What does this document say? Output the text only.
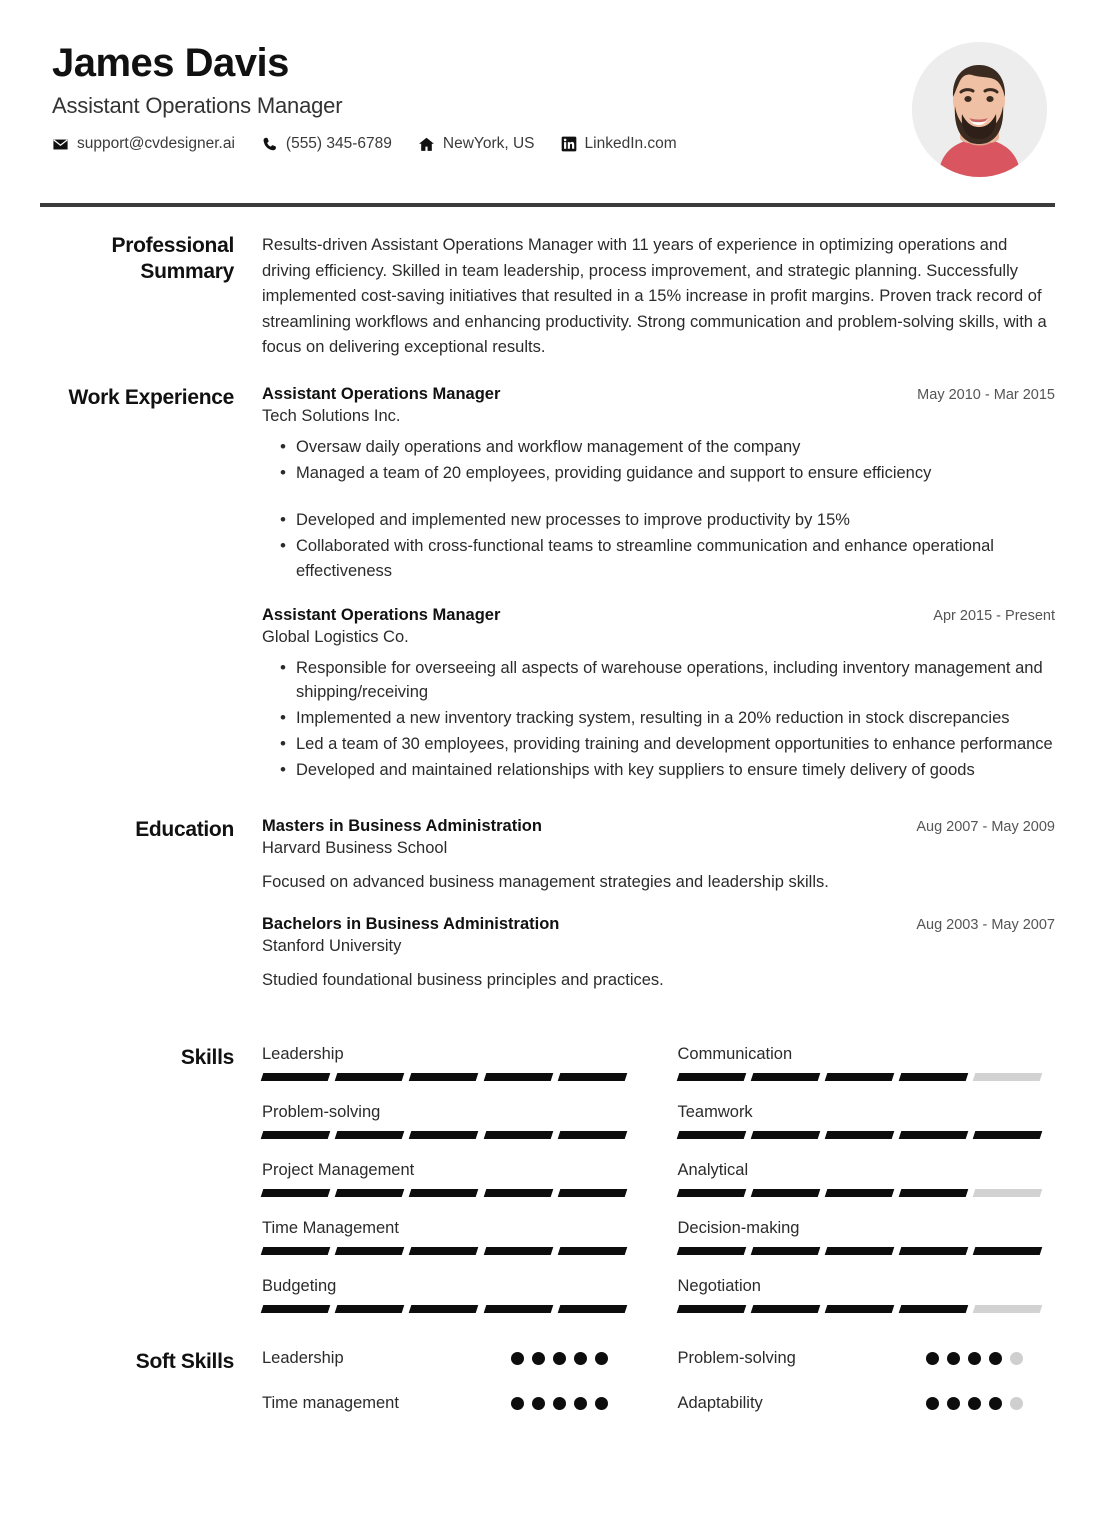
James Davis
Assistant Operations Manager
support@cvdesigner.ai	(555) 345-6789	NewYork, US	LinkedIn.com
Professional Summary
Results-driven Assistant Operations Manager with 11 years of experience in optimizing operations and driving efficiency. Skilled in team leadership, process improvement, and strategic planning. Successfully implemented cost-saving initiatives that resulted in a 15% increase in profit margins. Proven track record of streamlining workflows and enhancing productivity. Strong communication and problem-solving skills, with a focus on delivering exceptional results.
Work Experience	Assistant Operations Manager	May 2010 - Mar 2015
Tech Solutions Inc.
• Oversaw daily operations and workflow management of the company
• Managed a team of 20 employees, providing guidance and support to ensure efficiency
• Developed and implemented new processes to improve productivity by 15%
• Collaborated with cross-functional teams to streamline communication and enhance operational effectiveness
Assistant Operations Manager	Apr 2015 - Present
Global Logistics Co.
• Responsible for overseeing all aspects of warehouse operations, including inventory management and shipping/receiving
• Implemented a new inventory tracking system, resulting in a 20% reduction in stock discrepancies
• Led a team of 30 employees, providing training and development opportunities to enhance performance
• Developed and maintained relationships with key suppliers to ensure timely delivery of goods
Education	Masters in Business Administration	Aug 2007 - May 2009
Harvard Business School
Focused on advanced business management strategies and leadership skills.
Bachelors in Business Administration	Aug 2003 - May 2007
Stanford University
Studied foundational business principles and practices.
Skills	Leadership	Communication
Problem-solving	Teamwork
Project Management	Analytical
Time Management	Decision-making
Budgeting	Negotiation
Soft Skills	Leadership	Problem-solving
Time management	Adaptability
